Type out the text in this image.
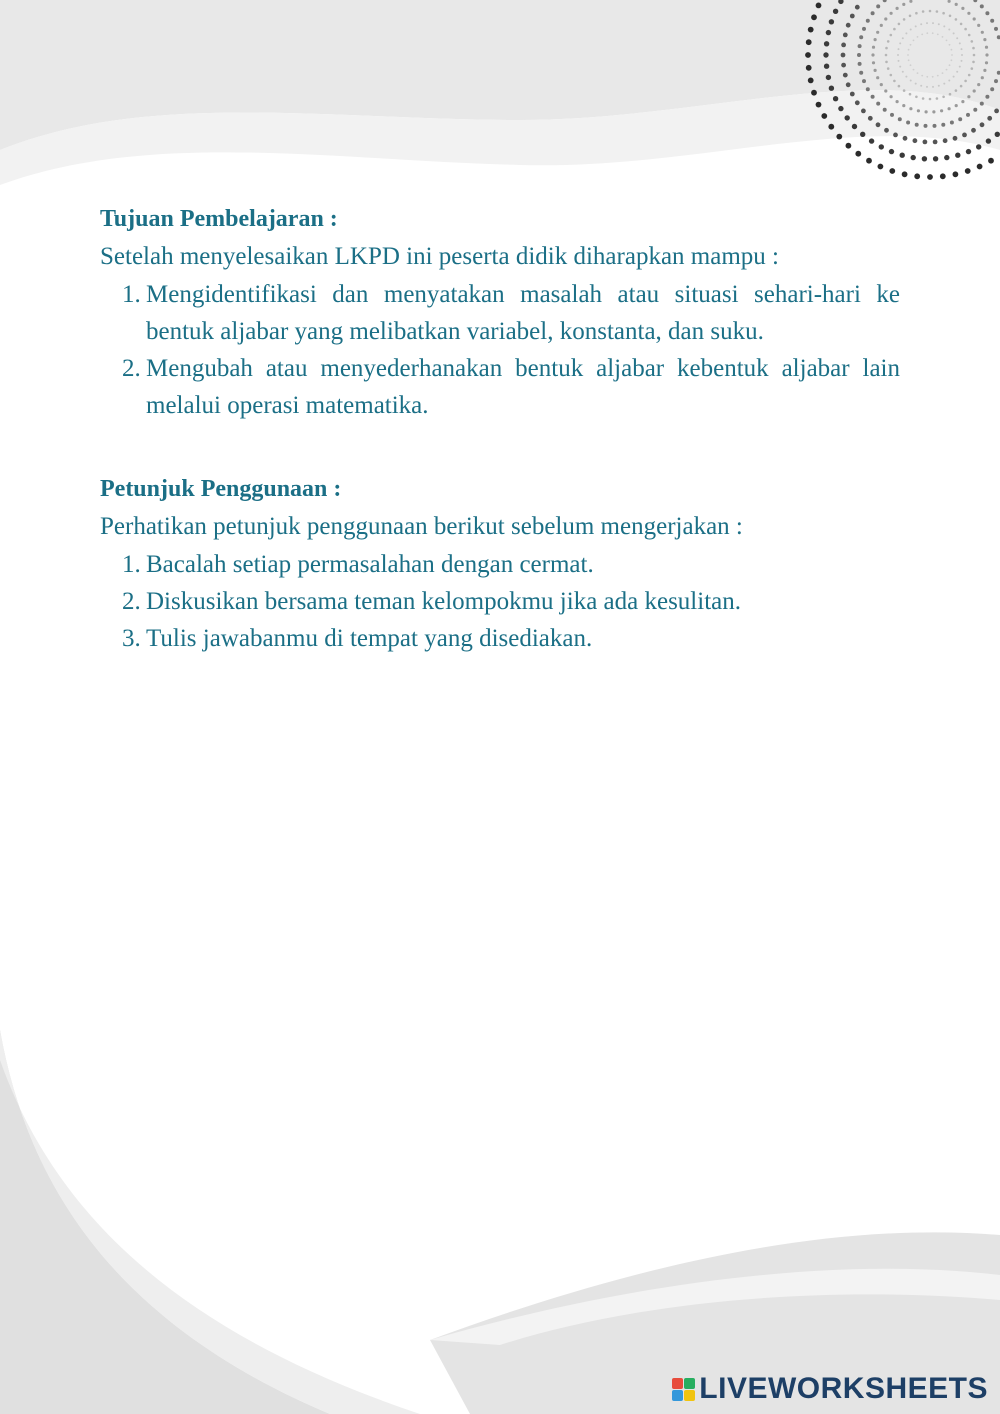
Tujuan Pembelajaran :

Setelah menyelesaikan LKPD ini peserta didik diharapkan mampu :

1. Mengidentifikasi dan menyatakan masalah atau situasi sehari-hari ke bentuk aljabar yang melibatkan variabel, konstanta, dan suku.
2. Mengubah atau menyederhanakan bentuk aljabar kebentuk aljabar lain melalui operasi matematika.
Petunjuk Penggunaan :

Perhatikan petunjuk penggunaan berikut sebelum mengerjakan :

1. Bacalah setiap permasalahan dengan cermat.
2. Diskusikan bersama teman kelompokmu jika ada kesulitan.
3. Tulis jawabanmu di tempat yang disediakan.
LIVEWORKSHEETS
